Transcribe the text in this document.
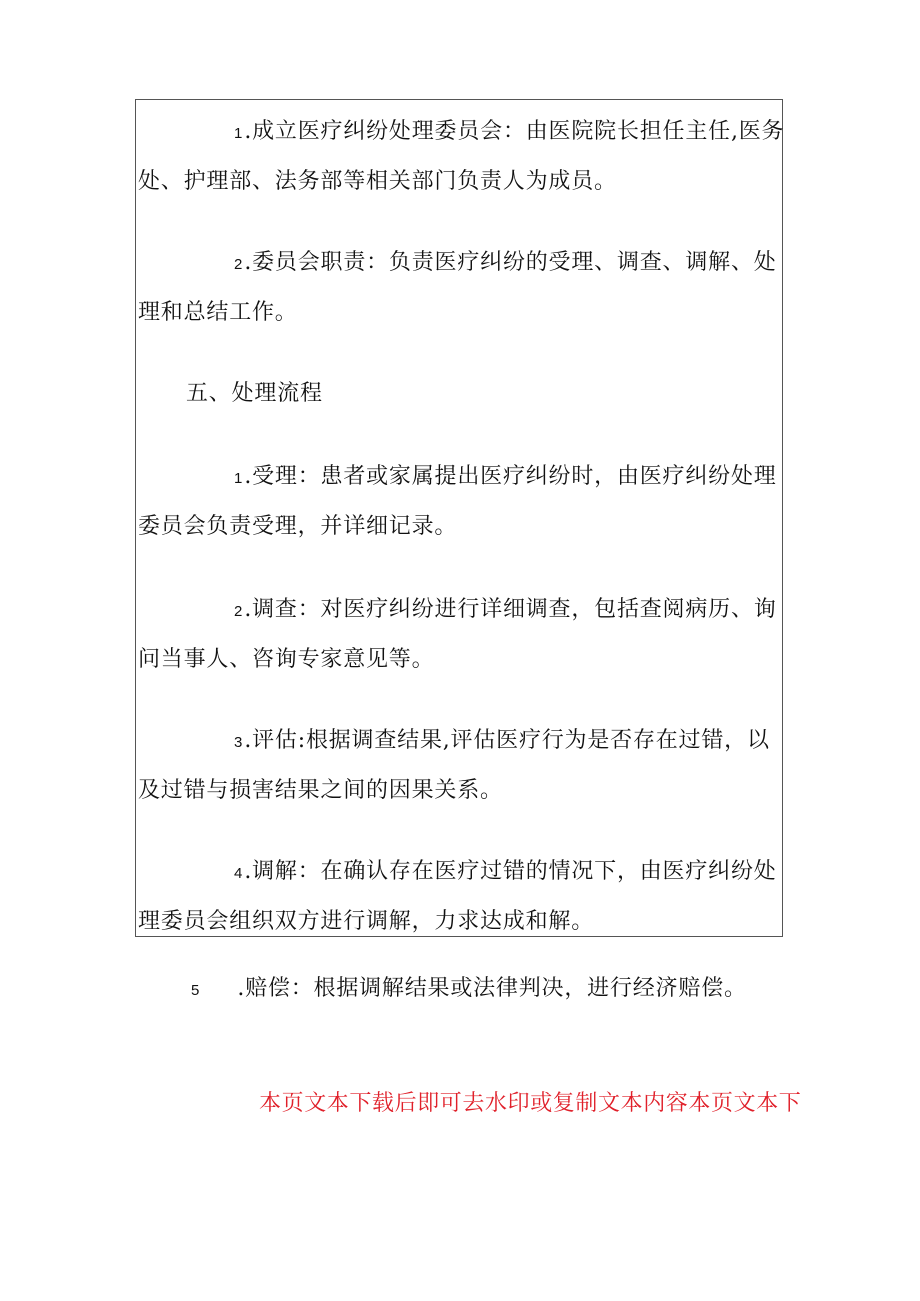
1.成立医疗纠纷处理委员会：由医院院长担任主任,医务处、护理部、法务部等相关部门负责人为成员。
2.委员会职责：负责医疗纠纷的受理、调查、调解、处理和总结工作。
五、处理流程
1.受理：患者或家属提出医疗纠纷时，由医疗纠纷处理委员会负责受理，并详细记录。
2.调查：对医疗纠纷进行详细调查，包括查阅病历、询问当事人、咨询专家意见等。
3.评估:根据调查结果,评估医疗行为是否存在过错，以及过错与损害结果之间的因果关系。
4.调解：在确认存在医疗过错的情况下，由医疗纠纷处理委员会组织双方进行调解，力求达成和解。
5 .赔偿：根据调解结果或法律判决，进行经济赔偿。
本页文本下载后即可去水印或复制文本内容本页文本下
